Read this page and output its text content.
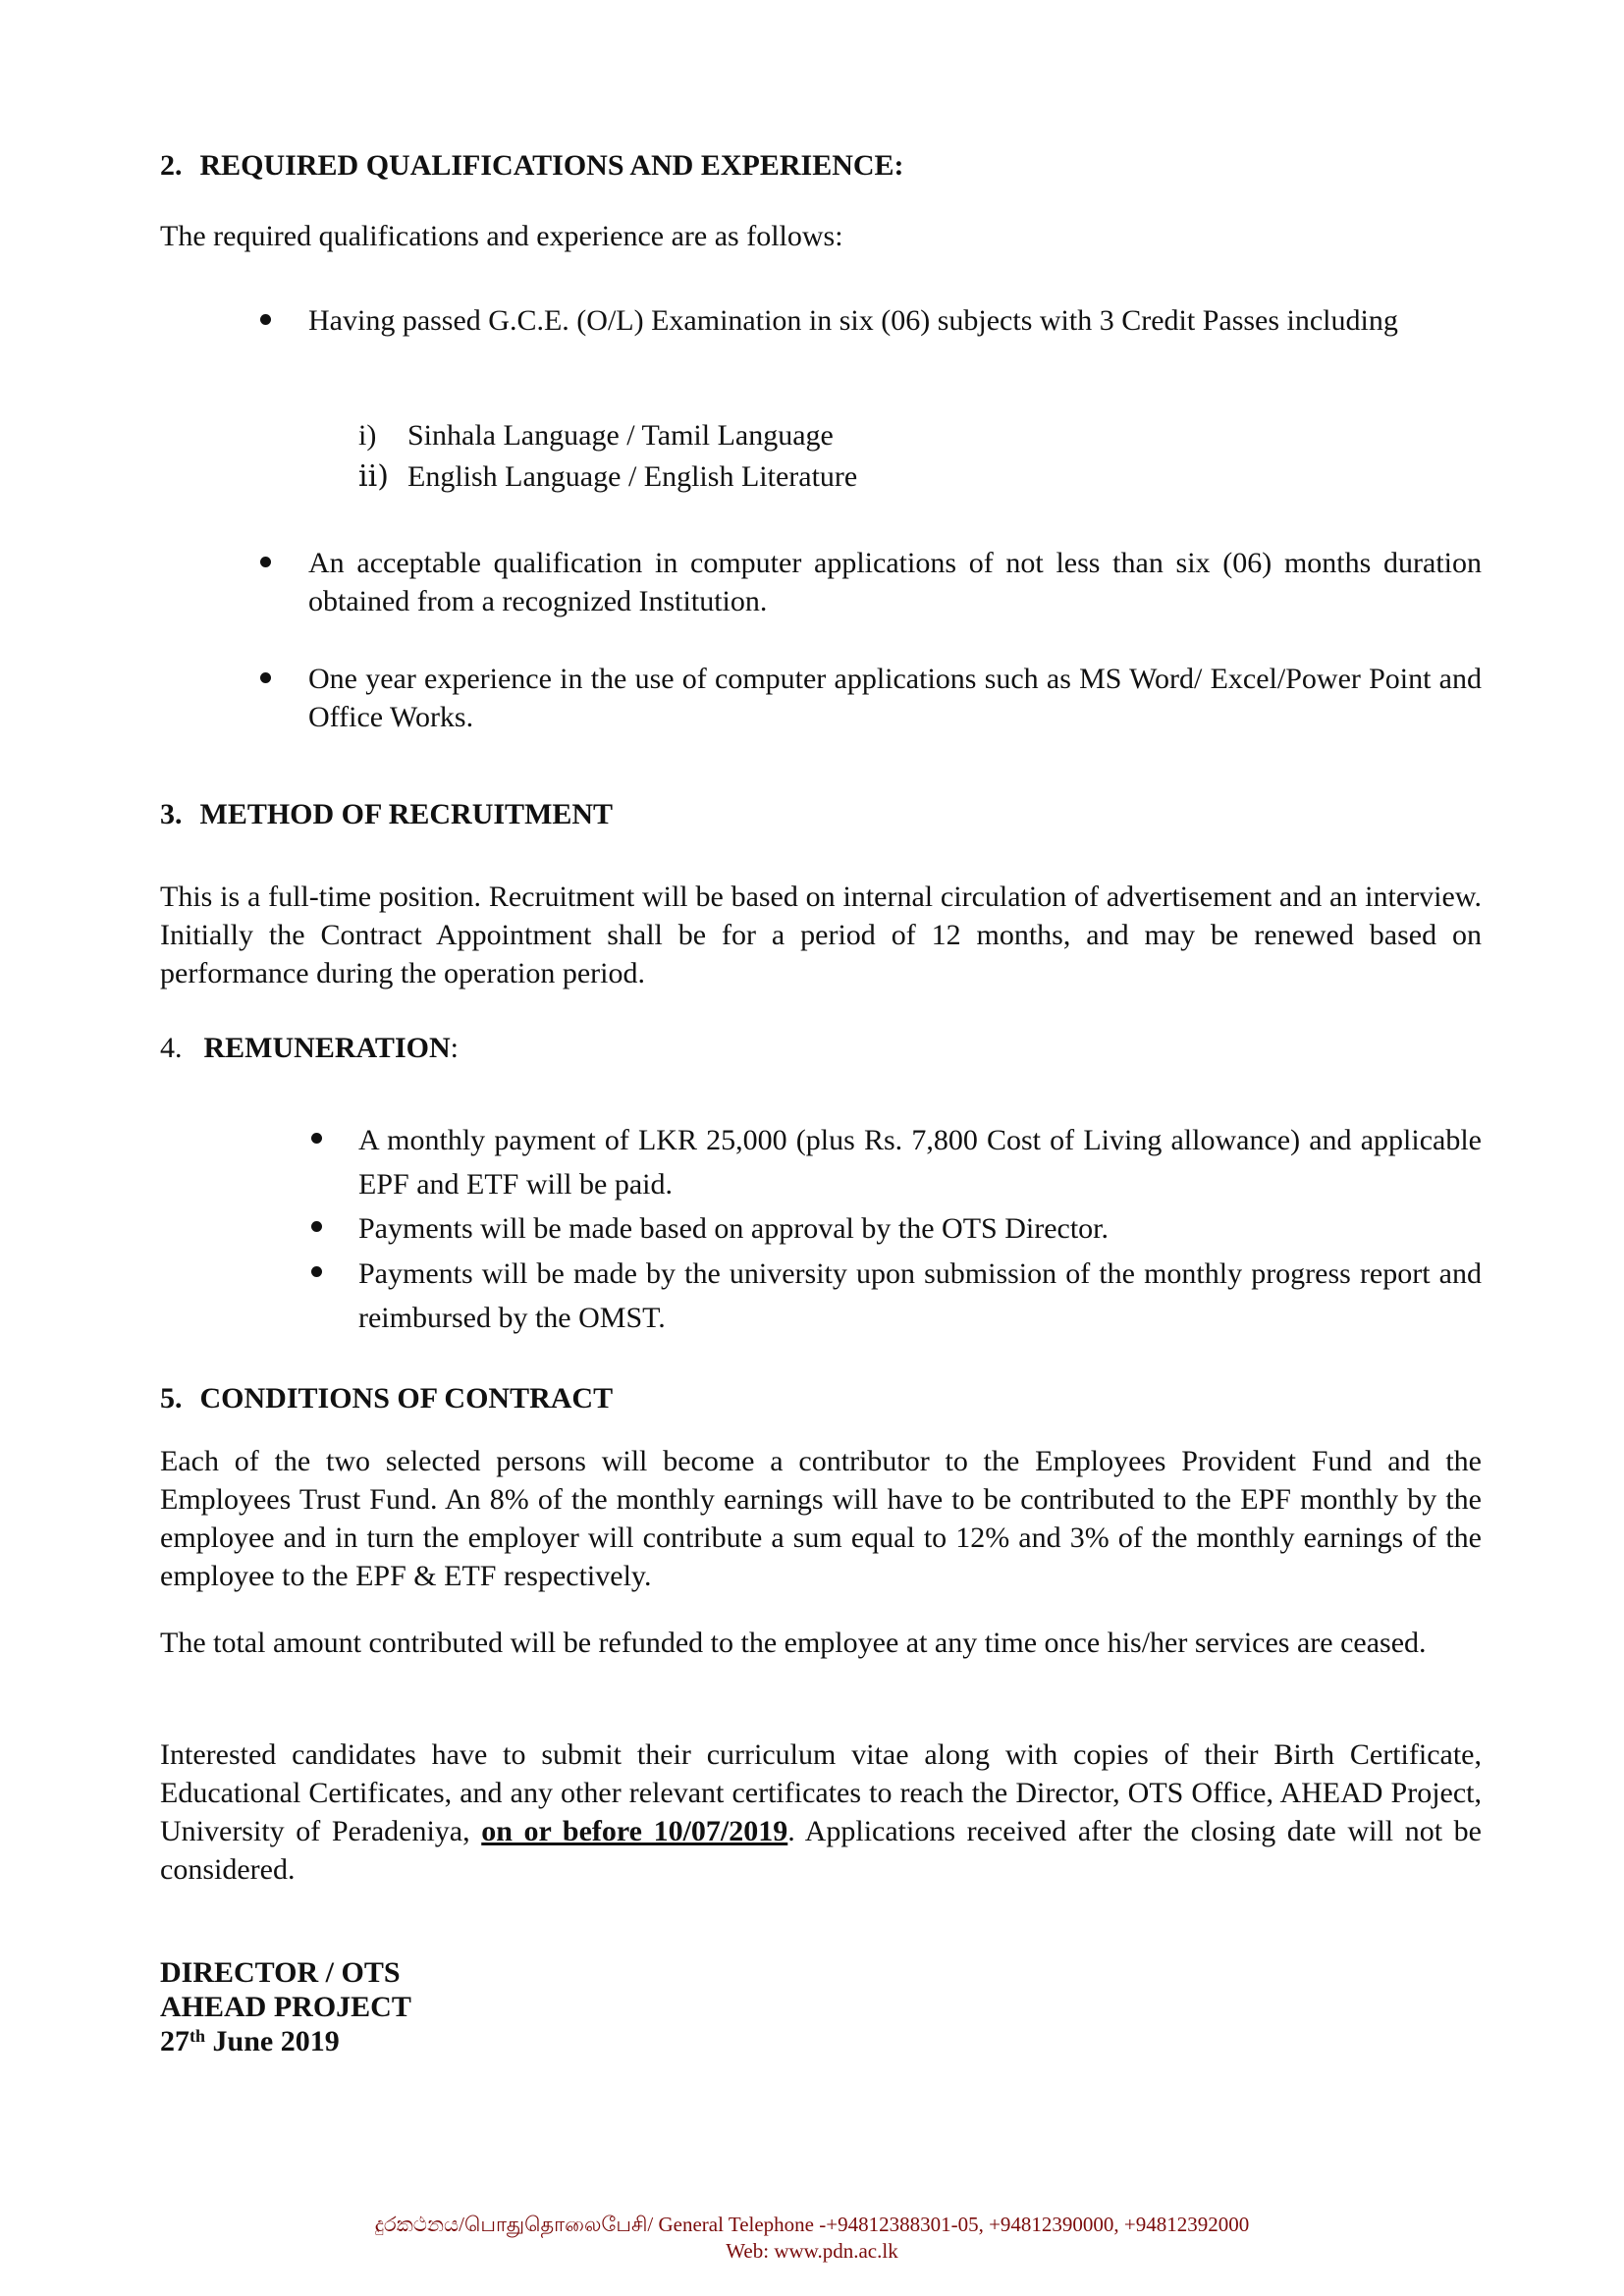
2. REQUIRED QUALIFICATIONS AND EXPERIENCE:
The required qualifications and experience are as follows:
Having passed G.C.E. (O/L) Examination in six (06) subjects with 3 Credit Passes including
i) Sinhala Language / Tamil Language
ii) English Language / English Literature
An acceptable qualification in computer applications of not less than six (06) months duration obtained from a recognized Institution.
One year experience in the use of computer applications such as MS Word/ Excel/Power Point and Office Works.
3. METHOD OF RECRUITMENT
This is a full-time position. Recruitment will be based on internal circulation of advertisement and an interview. Initially the Contract Appointment shall be for a period of 12 months, and may be renewed based on performance during the operation period.
4. REMUNERATION:
A monthly payment of LKR 25,000 (plus Rs. 7,800 Cost of Living allowance) and applicable EPF and ETF will be paid.
Payments will be made based on approval by the OTS Director.
Payments will be made by the university upon submission of the monthly progress report and reimbursed by the OMST.
5. CONDITIONS OF CONTRACT
Each of the two selected persons will become a contributor to the Employees Provident Fund and the Employees Trust Fund. An 8% of the monthly earnings will have to be contributed to the EPF monthly by the employee and in turn the employer will contribute a sum equal to 12% and 3% of the monthly earnings of the employee to the EPF & ETF respectively.
The total amount contributed will be refunded to the employee at any time once his/her services are ceased.
Interested candidates have to submit their curriculum vitae along with copies of their Birth Certificate, Educational Certificates, and any other relevant certificates to reach the Director, OTS Office, AHEAD Project, University of Peradeniya, on or before 10/07/2019. Applications received after the closing date will not be considered.
DIRECTOR / OTS
AHEAD PROJECT
27th June 2019
දුරකථනය/பொதுதொலைபேசி/ General Telephone -+94812388301-05, +94812390000, +94812392000
Web: www.pdn.ac.lk
